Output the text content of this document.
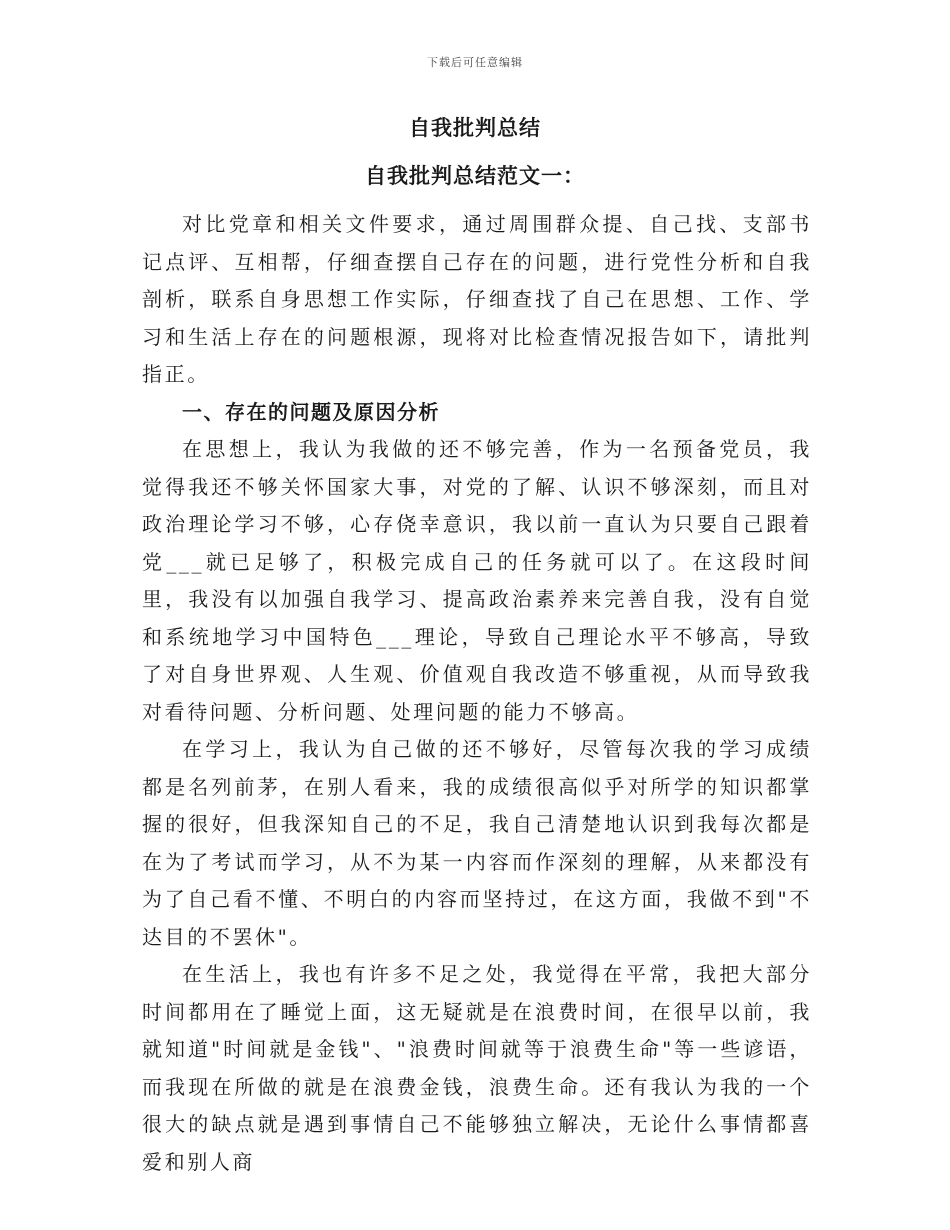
下载后可任意编辑
自我批判总结
自我批判总结范文一：

对比党章和相关文件要求，通过周围群众提、自己找、支部书记点评、互相帮，仔细查摆自己存在的问题，进行党性分析和自我剖析，联系自身思想工作实际，仔细查找了自己在思想、工作、学习和生活上存在的问题根源，现将对比检查情况报告如下，请批判指正。

一、存在的问题及原因分析

在思想上，我认为我做的还不够完善，作为一名预备党员，我觉得我还不够关怀国家大事，对党的了解、认识不够深刻，而且对政治理论学习不够，心存侥幸意识，我以前一直认为只要自己跟着党___就已足够了，积极完成自己的任务就可以了。在这段时间里，我没有以加强自我学习、提高政治素养来完善自我，没有自觉和系统地学习中国特色___理论，导致自己理论水平不够高，导致了对自身世界观、人生观、价值观自我改造不够重视，从而导致我对看待问题、分析问题、处理问题的能力不够高。

在学习上，我认为自己做的还不够好，尽管每次我的学习成绩都是名列前茅，在别人看来，我的成绩很高似乎对所学的知识都掌握的很好，但我深知自己的不足，我自己清楚地认识到我每次都是在为了考试而学习，从不为某一内容而作深刻的理解，从来都没有为了自己看不懂、不明白的内容而坚持过，在这方面，我做不到"不达目的不罢休"。

在生活上，我也有许多不足之处，我觉得在平常，我把大部分时间都用在了睡觉上面，这无疑就是在浪费时间，在很早以前，我就知道"时间就是金钱"、"浪费时间就等于浪费生命"等一些谚语，而我现在所做的就是在浪费金钱，浪费生命。还有我认为我的一个很大的缺点就是遇到事情自己不能够独立解决，无论什么事情都喜爱和别人商
